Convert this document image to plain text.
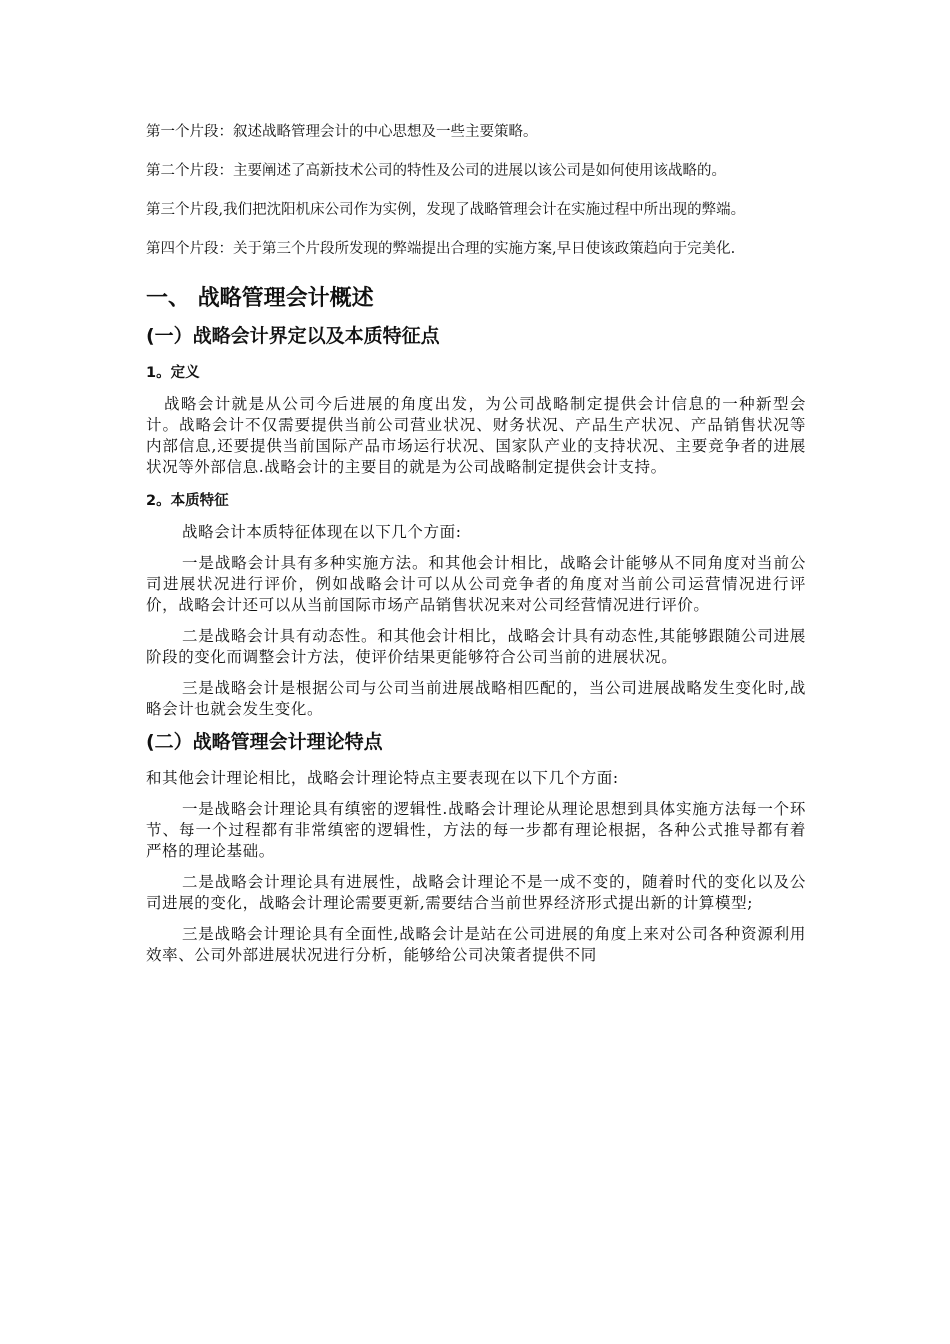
第一个片段：叙述战略管理会计的中心思想及一些主要策略。

第二个片段：主要阐述了高新技术公司的特性及公司的进展以该公司是如何使用该战略的。

第三个片段,我们把沈阳机床公司作为实例，发现了战略管理会计在实施过程中所出现的弊端。

第四个片段：关于第三个片段所发现的弊端提出合理的实施方案,早日使该政策趋向于完美化.

一、 战略管理会计概述
(一）战略会计界定以及本质特征点
1。定义

战略会计就是从公司今后进展的角度出发，为公司战略制定提供会计信息的一种新型会计。战略会计不仅需要提供当前公司营业状况、财务状况、产品生产状况、产品销售状况等内部信息,还要提供当前国际产品市场运行状况、国家队产业的支持状况、主要竞争者的进展状况等外部信息.战略会计的主要目的就是为公司战略制定提供会计支持。

2。本质特征

战略会计本质特征体现在以下几个方面:

一是战略会计具有多种实施方法。和其他会计相比，战略会计能够从不同角度对当前公司进展状况进行评价，例如战略会计可以从公司竞争者的角度对当前公司运营情况进行评价，战略会计还可以从当前国际市场产品销售状况来对公司经营情况进行评价。

二是战略会计具有动态性。和其他会计相比，战略会计具有动态性,其能够跟随公司进展阶段的变化而调整会计方法，使评价结果更能够符合公司当前的进展状况。

三是战略会计是根据公司与公司当前进展战略相匹配的，当公司进展战略发生变化时,战略会计也就会发生变化。

(二）战略管理会计理论特点

和其他会计理论相比，战略会计理论特点主要表现在以下几个方面:

一是战略会计理论具有缜密的逻辑性.战略会计理论从理论思想到具体实施方法每一个环节、每一个过程都有非常缜密的逻辑性，方法的每一步都有理论根据，各种公式推导都有着严格的理论基础。

二是战略会计理论具有进展性，战略会计理论不是一成不变的，随着时代的变化以及公司进展的变化，战略会计理论需要更新,需要结合当前世界经济形式提出新的计算模型;

三是战略会计理论具有全面性,战略会计是站在公司进展的角度上来对公司各种资源利用效率、公司外部进展状况进行分析，能够给公司决策者提供不同
